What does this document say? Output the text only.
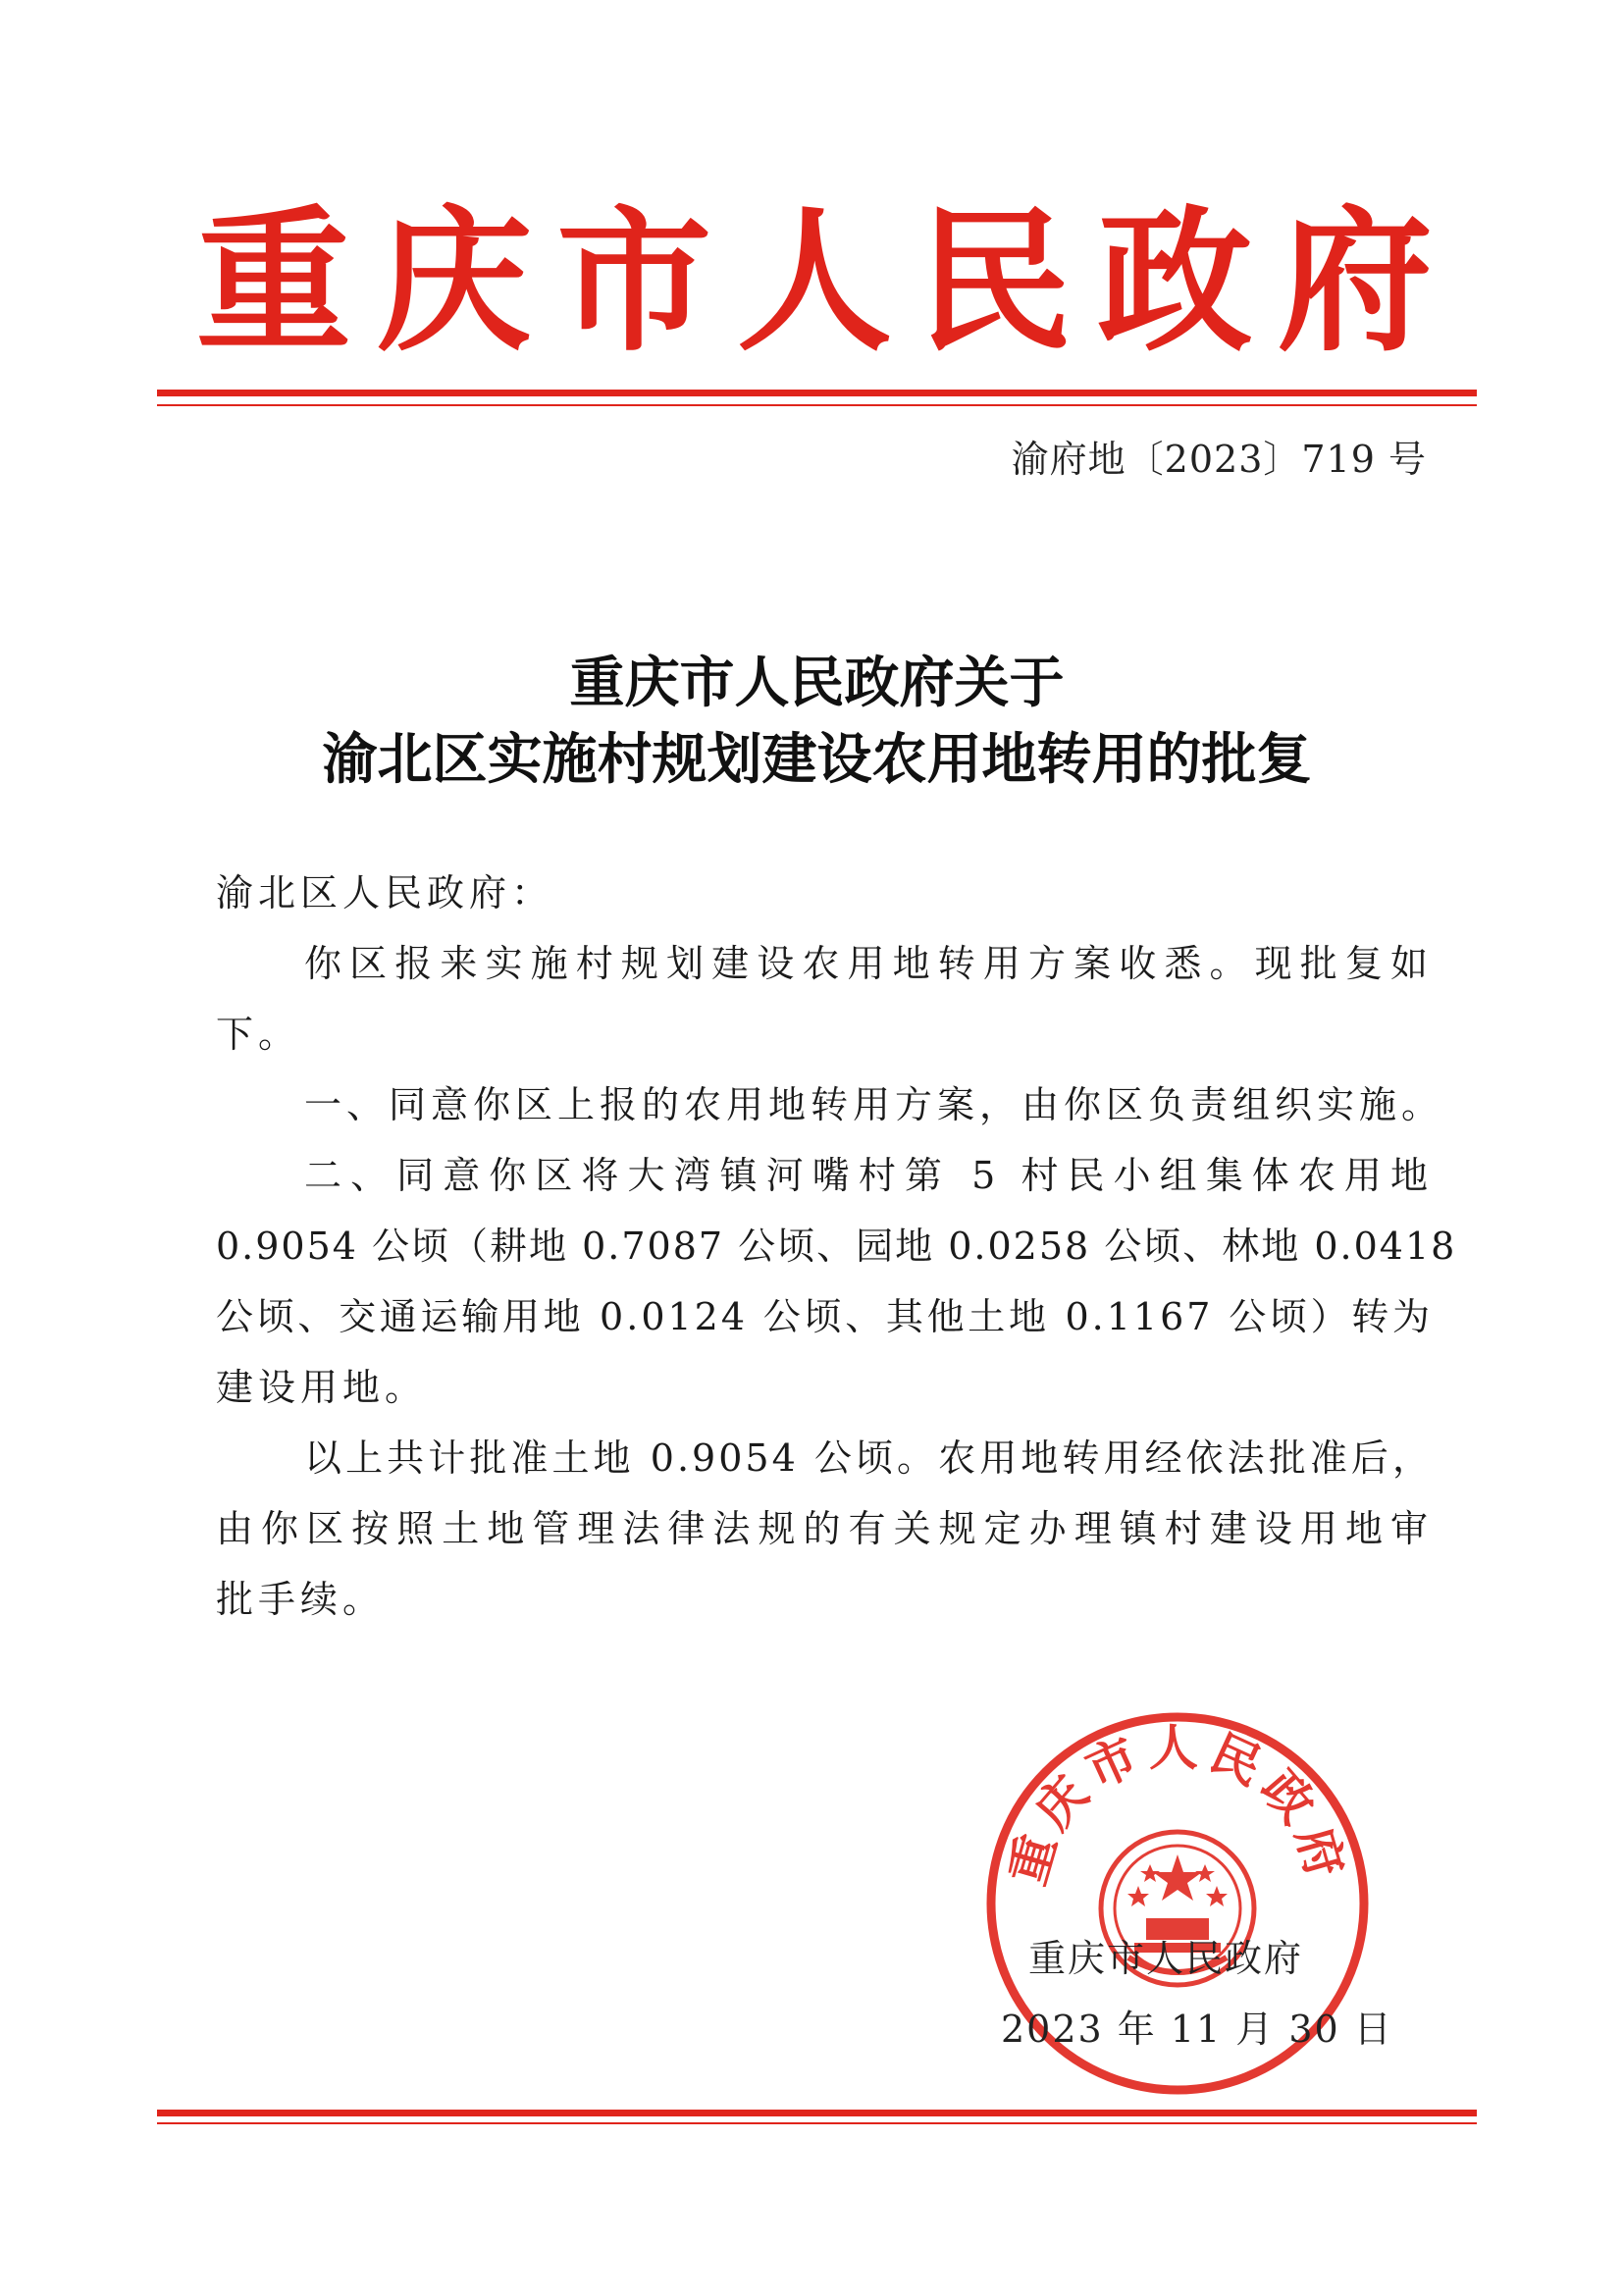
重 庆 市 人 民 政 府
渝府地〔2023〕719 号
重庆市人民政府关于
渝北区实施村规划建设农用地转用的批复
渝北区人民政府：
你区报来实施村规划建设农用地转用方案收悉。现批复如
下。
一、同意你区上报的农用地转用方案，由你区负责组织实施。
二、同意你区将大湾镇河嘴村第 5 村民小组集体农用地
0.9054 公顷（耕地 0.7087 公顷、园地 0.0258 公顷、林地 0.0418
公顷、交通运输用地 0.0124 公顷、其他土地 0.1167 公顷）转为
建设用地。
以上共计批准土地 0.9054 公顷。农用地转用经依法批准后，
由你区按照土地管理法律法规的有关规定办理镇村建设用地审
批手续。
重庆市人民政府
重庆市人民政府
2023 年 11 月 30 日
